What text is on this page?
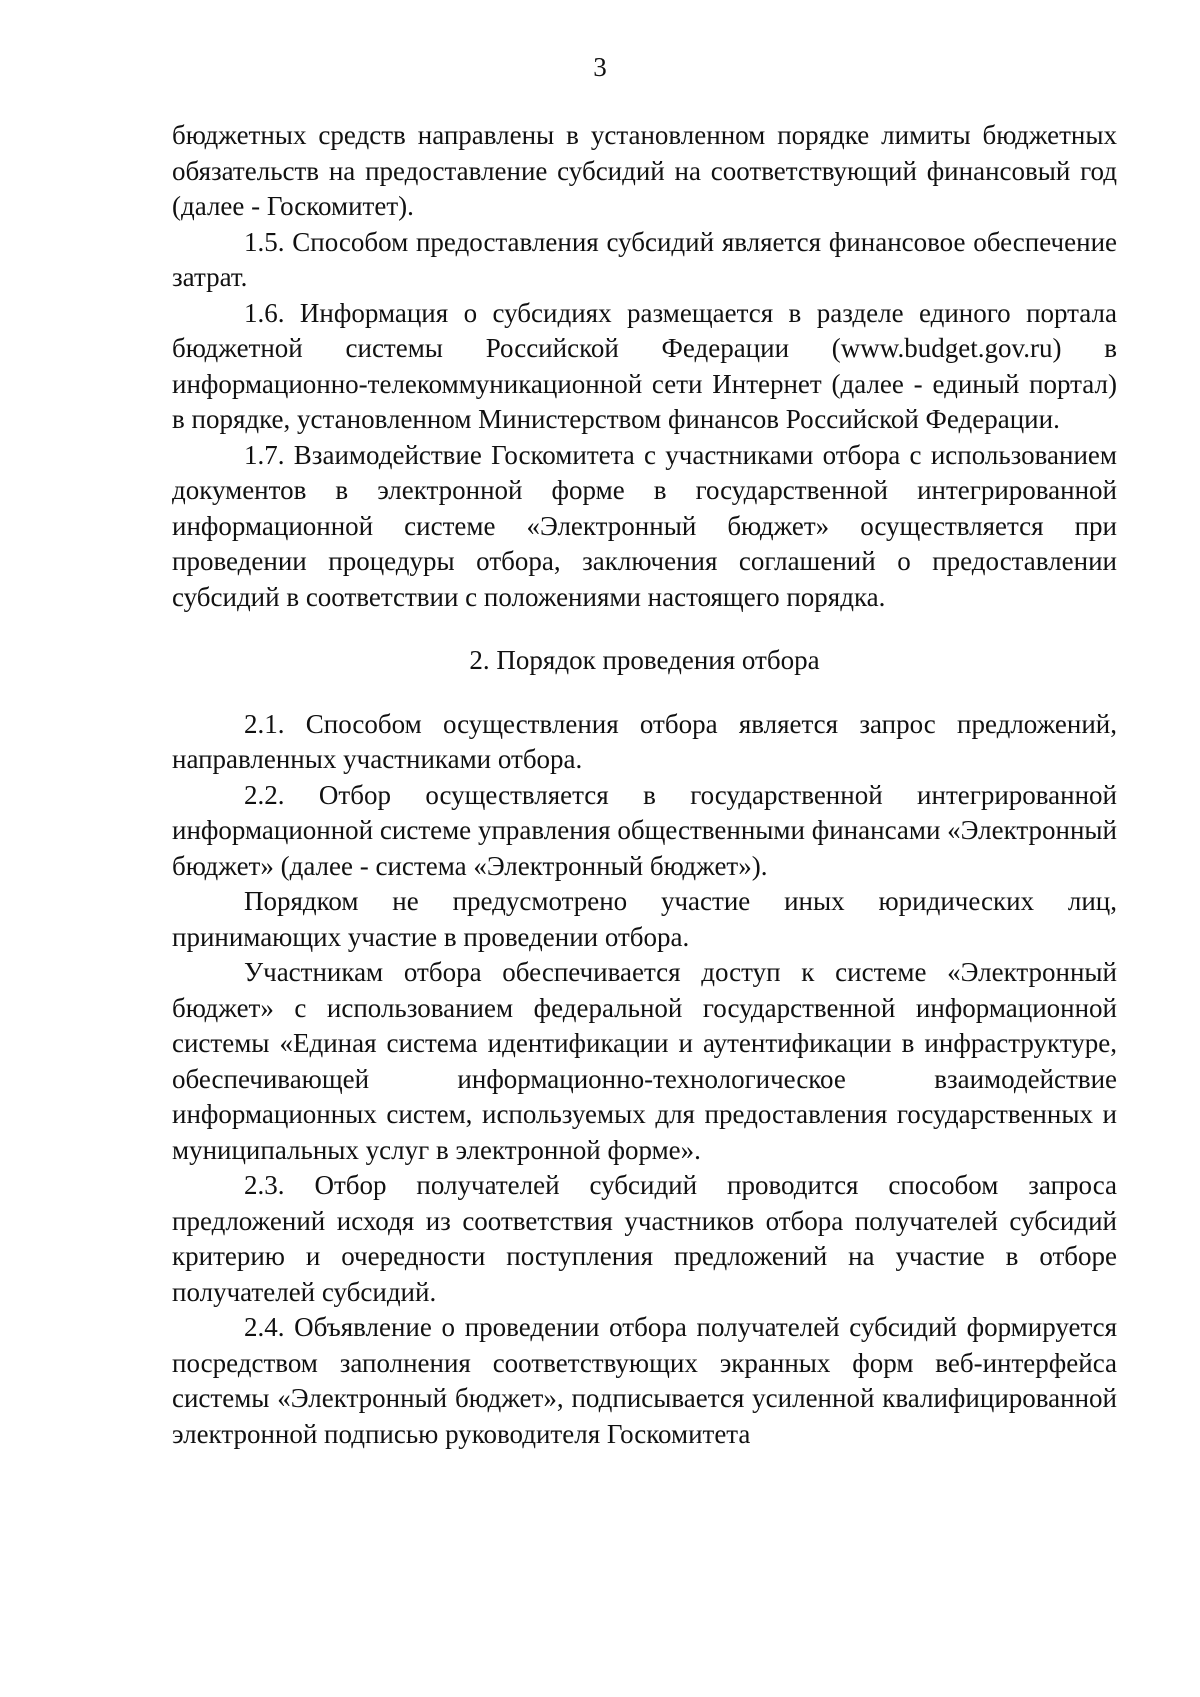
3

бюджетных средств направлены в установленном порядке лимиты бюджетных обязательств на предоставление субсидий на соответствующий финансовый год (далее - Госкомитет).

1.5. Способом предоставления субсидий является финансовое обеспечение затрат.

1.6. Информация о субсидиях размещается в разделе единого портала бюджетной системы Российской Федерации (www.budget.gov.ru) в информационно-телекоммуникационной сети Интернет (далее - единый портал) в порядке, установленном Министерством финансов Российской Федерации.

1.7. Взаимодействие Госкомитета с участниками отбора с использованием документов в электронной форме в государственной интегрированной информационной системе «Электронный бюджет» осуществляется при проведении процедуры отбора, заключения соглашений о предоставлении субсидий в соответствии с положениями настоящего порядка.

2. Порядок проведения отбора

2.1. Способом осуществления отбора является запрос предложений, направленных участниками отбора.

2.2. Отбор осуществляется в государственной интегрированной информационной системе управления общественными финансами «Электронный бюджет» (далее - система «Электронный бюджет»).

Порядком не предусмотрено участие иных юридических лиц, принимающих участие в проведении отбора.

Участникам отбора обеспечивается доступ к системе «Электронный бюджет» с использованием федеральной государственной информационной системы «Единая система идентификации и аутентификации в инфраструктуре, обеспечивающей информационно-технологическое взаимодействие информационных систем, используемых для предоставления государственных и муниципальных услуг в электронной форме».

2.3. Отбор получателей субсидий проводится способом запроса предложений исходя из соответствия участников отбора получателей субсидий критерию и очередности поступления предложений на участие в отборе получателей субсидий.

2.4. Объявление о проведении отбора получателей субсидий формируется посредством заполнения соответствующих экранных форм веб-интерфейса системы «Электронный бюджет», подписывается усиленной квалифицированной электронной подписью руководителя Госкомитета
